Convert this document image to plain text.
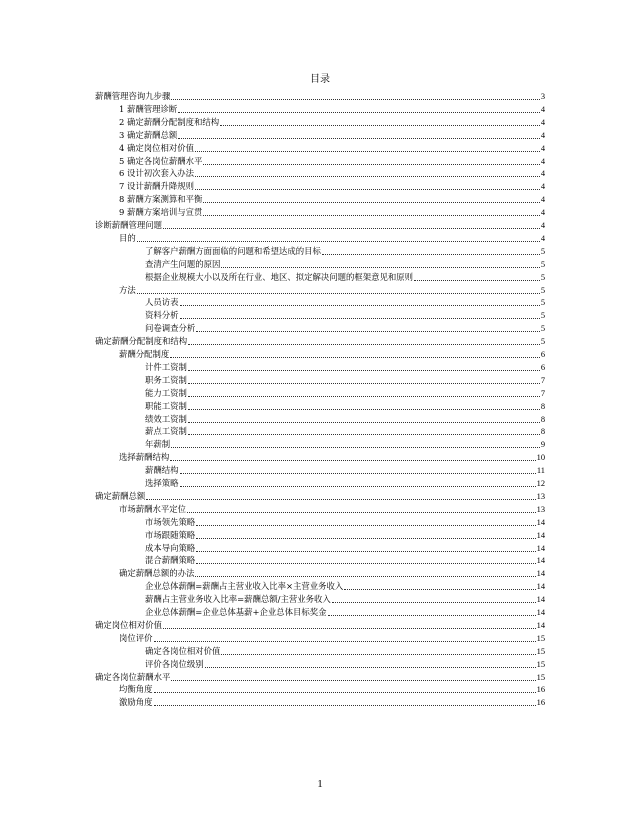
目录
薪酬管理咨询九步骤	3
1 薪酬管理诊断	4
2 确定薪酬分配制度和结构	4
3 确定薪酬总额	4
4 确定岗位相对价值	4
5 确定各岗位薪酬水平	4
6 设计初次套入办法	4
7 设计薪酬升降规则	4
8 薪酬方案测算和平衡	4
9 薪酬方案培训与宣贯	4
诊断薪酬管理问题	4
目的	4
了解客户薪酬方面面临的问题和希望达成的目标	5
查清产生问题的原因	5
根据企业规模大小以及所在行业、地区、拟定解决问题的框架意见和原则	5
方法	5
人员访表	5
资料分析	5
问卷调查分析	5
确定薪酬分配制度和结构	5
薪酬分配制度	6
计件工资制	6
职务工资制	7
能力工资制	7
职能工资制	8
绩效工资制	8
薪点工资制	8
年薪制	9
选择薪酬结构	10
薪酬结构	11
选择策略	12
确定薪酬总额	13
市场薪酬水平定位	13
市场领先策略	14
市场跟随策略	14
成本导向策略	14
混合薪酬策略	14
确定薪酬总额的办法	14
企业总体薪酬=薪酬占主营业收入比率×主营业务收入	14
薪酬占主营业务收入比率=薪酬总额/主营业务收入	14
企业总体薪酬=企业总体基薪+企业总体目标奖金	14
确定岗位相对价值	14
岗位评价	15
确定各岗位相对价值	15
评价各岗位级别	15
确定各岗位薪酬水平	15
均衡角度	16
激励角度	16
1
